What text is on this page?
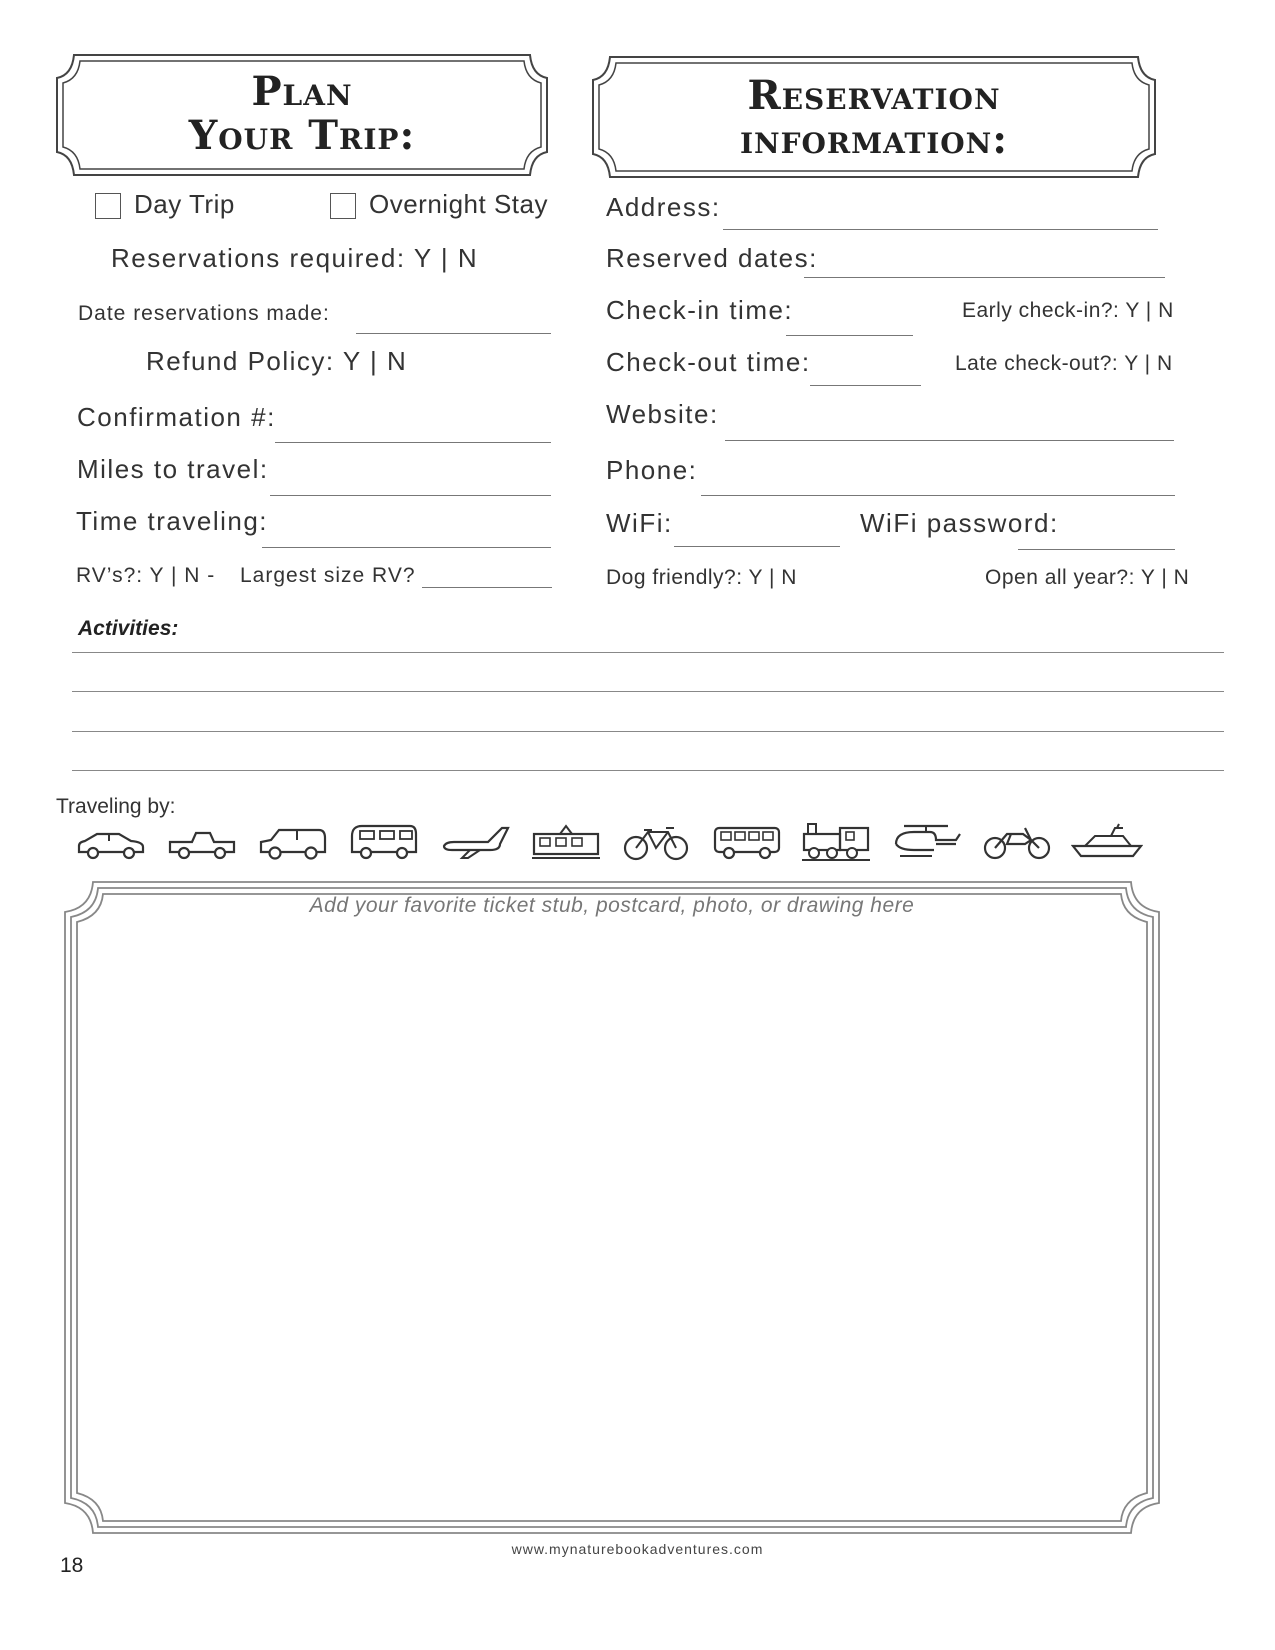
Plan
Your Trip:
Reservation
information:
Day Trip	Overnight Stay
Reservations required: Y | N
Date reservations made:
Refund Policy: Y | N
Confirmation #:
Miles to travel:
Time traveling:
RV’s?: Y | N - Largest size RV?
Address:
Reserved dates:
Check-in time:	Early check-in?: Y | N
Check-out time:	Late check-out?: Y | N
Website:
Phone:
WiFi:	WiFi password:
Dog friendly?: Y | N	Open all year?: Y | N
Activities:
Traveling by:
Add your favorite ticket stub, postcard, photo, or drawing here
18
www.mynaturebookadventures.com
